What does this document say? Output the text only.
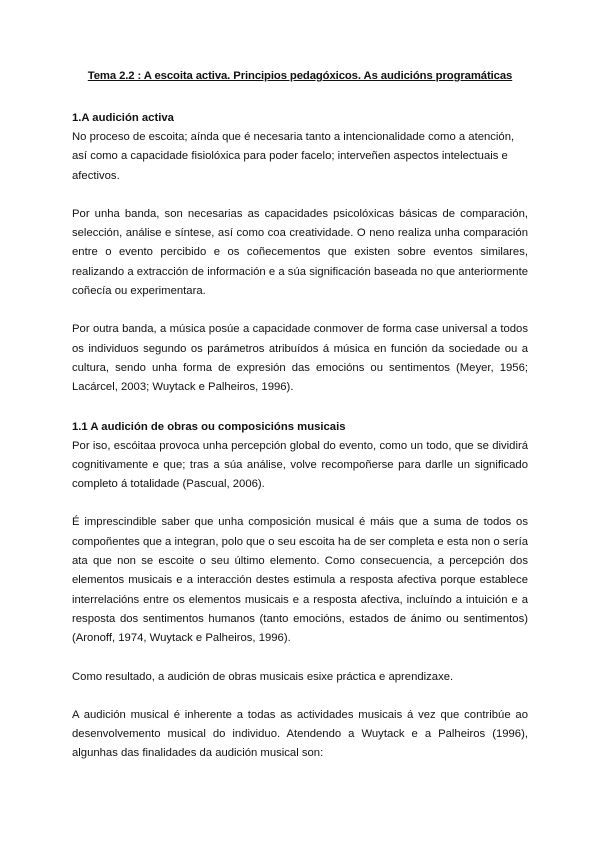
Tema 2.2 : A escoita activa. Principios pedagóxicos. As audicións programáticas
1.A audición activa

No proceso de escoita; aínda que é necesaria tanto a intencionalidade como a atención, así como a capacidade fisiolóxica para poder facelo; interveñen aspectos intelectuais e afectivos.

Por unha banda, son necesarias as capacidades psicolóxicas básicas de comparación, selección, análise e síntese, así como coa creatividade. O neno realiza unha comparación entre o evento percibido e os coñecementos que existen sobre eventos similares, realizando a extracción de información e a súa significación baseada no que anteriormente coñecía ou experimentara.

Por outra banda, a música posúe a capacidade conmover de forma case universal a todos os individuos segundo os parámetros atribuídos á música en función da sociedade ou a cultura, sendo unha forma de expresión das emocións ou sentimentos (Meyer, 1956; Lacárcel, 2003; Wuytack e Palheiros, 1996).

1.1 A audición de obras ou composicións musicais

Por iso, escóitaa provoca unha percepción global do evento, como un todo, que se dividirá cognitivamente e que; tras a súa análise, volve recompoñerse para darlle un significado completo á totalidade (Pascual, 2006).

É imprescindible saber que unha composición musical é máis que a suma de todos os compoñentes que a integran, polo que o seu escoita ha de ser completa e esta non o sería ata que non se escoite o seu último elemento. Como consecuencia, a percepción dos elementos musicais e a interacción destes estimula a resposta afectiva porque establece interrelacións entre os elementos musicais e a resposta afectiva, incluíndo a intuición e a resposta dos sentimentos humanos (tanto emocións, estados de ánimo ou sentimentos) (Aronoff, 1974, Wuytack e Palheiros, 1996).

Como resultado, a audición de obras musicais esixe práctica e aprendizaxe.

A audición musical é inherente a todas as actividades musicais á vez que contribúe ao desenvolvemento musical do individuo. Atendendo a Wuytack e a Palheiros (1996), algunhas das finalidades da audición musical son:
